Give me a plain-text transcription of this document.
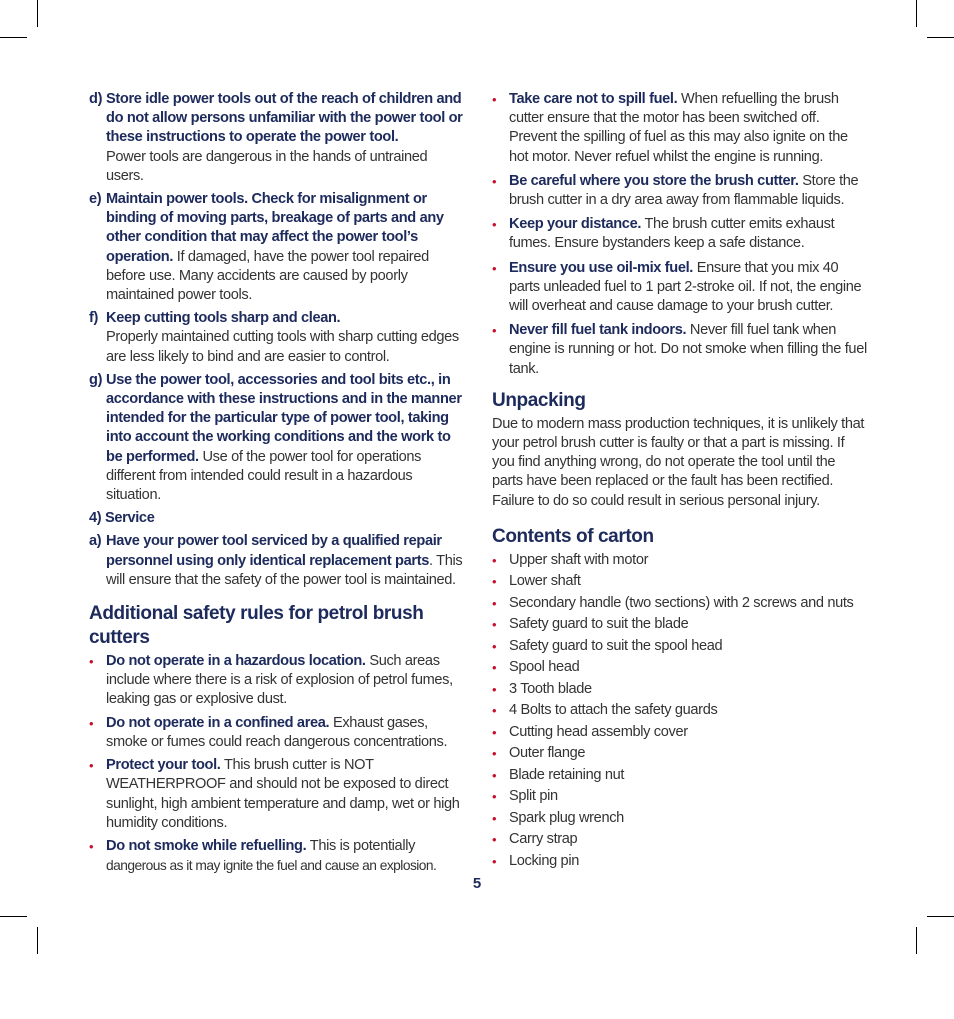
d) Store idle power tools out of the reach of children and do not allow persons unfamiliar with the power tool or these instructions to operate the power tool.
Power tools are dangerous in the hands of untrained users.
e) Maintain power tools. Check for misalignment or binding of moving parts, breakage of parts and any other condition that may affect the power tool’s operation. If damaged, have the power tool repaired before use. Many accidents are caused by poorly maintained power tools.
f) Keep cutting tools sharp and clean.
Properly maintained cutting tools with sharp cutting edges are less likely to bind and are easier to control.
g) Use the power tool, accessories and tool bits etc., in accordance with these instructions and in the manner intended for the particular type of power tool, taking into account the working conditions and the work to be performed. Use of the power tool for operations different from intended could result in a hazardous situation.
4) Service
a) Have your power tool serviced by a qualified repair personnel using only identical replacement parts. This will ensure that the safety of the power tool is maintained.
Additional safety rules for petrol brush cutters
• Do not operate in a hazardous location. Such areas include where there is a risk of explosion of petrol fumes, leaking gas or explosive dust.
• Do not operate in a confined area. Exhaust gases, smoke or fumes could reach dangerous concentrations.
• Protect your tool. This brush cutter is NOT WEATHERPROOF and should not be exposed to direct sunlight, high ambient temperature and damp, wet or high humidity conditions.
• Do not smoke while refuelling. This is potentially
dangerous as it may ignite the fuel and cause an explosion.
• Take care not to spill fuel. When refuelling the brush cutter ensure that the motor has been switched off. Prevent the spilling of fuel as this may also ignite on the hot motor. Never refuel whilst the engine is running.
• Be careful where you store the brush cutter. Store the brush cutter in a dry area away from flammable liquids.
• Keep your distance. The brush cutter emits exhaust fumes. Ensure bystanders keep a safe distance.
• Ensure you use oil-mix fuel. Ensure that you mix 40 parts unleaded fuel to 1 part 2-stroke oil. If not, the engine will overheat and cause damage to your brush cutter.
• Never fill fuel tank indoors. Never fill fuel tank when engine is running or hot. Do not smoke when filling the fuel tank.
Unpacking
Due to modern mass production techniques, it is unlikely that your petrol brush cutter is faulty or that a part is missing. If you find anything wrong, do not operate the tool until the parts have been replaced or the fault has been rectified. Failure to do so could result in serious personal injury.
Contents of carton
• Upper shaft with motor
• Lower shaft
• Secondary handle (two sections) with 2 screws and nuts
• Safety guard to suit the blade
• Safety guard to suit the spool head
• Spool head
• 3 Tooth blade
• 4 Bolts to attach the safety guards
• Cutting head assembly cover
• Outer flange
• Blade retaining nut
• Split pin
• Spark plug wrench
• Carry strap
• Locking pin
5
